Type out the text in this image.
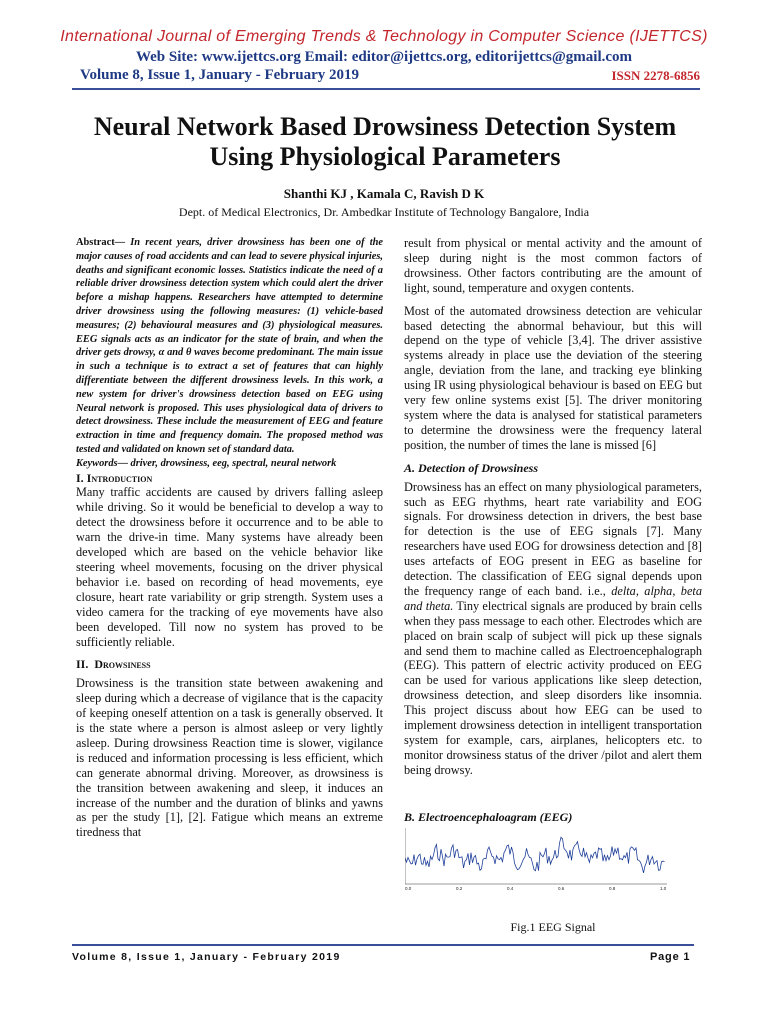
International Journal of Emerging Trends & Technology in Computer Science (IJETTCS)
Web Site: www.ijettcs.org Email: editor@ijettcs.org, editorijettcs@gmail.com
Volume 8, Issue 1, January - February 2019	ISSN 2278-6856
Neural Network Based Drowsiness Detection System Using Physiological Parameters
Shanthi KJ , Kamala C, Ravish D K
Dept. of Medical Electronics, Dr. Ambedkar Institute of Technology Bangalore, India
Abstract— In recent years, driver drowsiness has been one of the major causes of road accidents and can lead to severe physical injuries, deaths and significant economic losses. Statistics indicate the need of a reliable driver drowsiness detection system which could alert the driver before a mishap happens. Researchers have attempted to determine driver drowsiness using the following measures: (1) vehicle-based measures; (2) behavioural measures and (3) physiological measures. EEG signals acts as an indicator for the state of brain, and when the driver gets drowsy, α and θ waves become predominant. The main issue in such a technique is to extract a set of features that can highly differentiate between the different drowsiness levels. In this work, a new system for driver's drowsiness detection based on EEG using Neural network is proposed. This uses physiological data of drivers to detect drowsiness. These include the measurement of EEG and feature extraction in time and frequency domain. The proposed method was tested and validated on known set of standard data.
Keywords— driver, drowsiness, eeg, spectral, neural network
I. Introduction

Many traffic accidents are caused by drivers falling asleep while driving. So it would be beneficial to develop a way to detect the drowsiness before it occurrence and to be able to warn the drive-in time. Many systems have already been developed which are based on the vehicle behavior like steering wheel movements, focusing on the driver physical behavior i.e. based on recording of head movements, eye closure, heart rate variability or grip strength. System uses a video camera for the tracking of eye movements have also been developed. Till now no system has proved to be sufficiently reliable.

II. Drowsiness

Drowsiness is the transition state between awakening and sleep during which a decrease of vigilance that is the capacity of keeping oneself attention on a task is generally observed. It is the state where a person is almost asleep or very lightly asleep. During drowsiness Reaction time is slower, vigilance is reduced and information processing is less efficient, which can generate abnormal driving. Moreover, as drowsiness is the transition between awakening and sleep, it induces an increase of the number and the duration of blinks and yawns as per the study [1], [2]. Fatigue which means an extreme tiredness that

result from physical or mental activity and the amount of sleep during night is the most common factors of drowsiness. Other factors contributing are the amount of light, sound, temperature and oxygen contents.

Most of the automated drowsiness detection are vehicular based detecting the abnormal behaviour, but this will depend on the type of vehicle [3,4]. The driver assistive systems already in place use the deviation of the steering angle, deviation from the lane, and tracking eye blinking using IR using physiological behaviour is based on EEG but very few online systems exist [5]. The driver monitoring system where the data is analysed for statistical parameters to determine the drowsiness were the frequency lateral position, the number of times the lane is missed [6]

A. Detection of Drowsiness

Drowsiness has an effect on many physiological parameters, such as EEG rhythms, heart rate variability and EOG signals. For drowsiness detection in drivers, the best base for detection is the use of EEG signals [7]. Many researchers have used EOG for drowsiness detection and [8] uses artefacts of EOG present in EEG as baseline for detection. The classification of EEG signal depends upon the frequency range of each band. i.e., delta, alpha, beta and theta. Tiny electrical signals are produced by brain cells when they pass message to each other. Electrodes which are placed on brain scalp of subject will pick up these signals and send them to machine called as Electroencephalograph (EEG). This pattern of electric activity produced on EEG can be used for various applications like sleep detection, drowsiness detection, and sleep disorders like insomnia. This project discuss about how EEG can be used to implement drowsiness detection in intelligent transportation system for example, cars, airplanes, helicopters etc. to monitor drowsiness status of the driver /pilot and alert them being drowsy.

B. Electroencephaloagram (EEG)
0.0	0.2	0.4	0.6	0.8	1.0
Fig.1 EEG Signal
Volume 8, Issue 1, January - February 2019	Page 1
